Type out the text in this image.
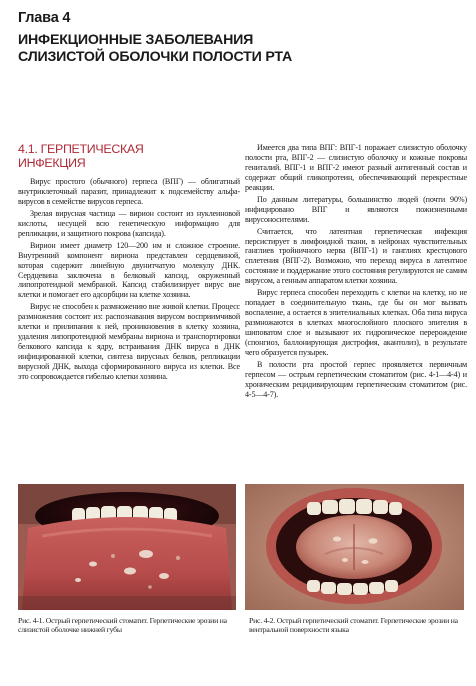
Глава 4
ИНФЕКЦИОННЫЕ ЗАБОЛЕВАНИЯ
СЛИЗИСТОЙ ОБОЛОЧКИ ПОЛОСТИ РТА
4.1. ГЕРПЕТИЧЕСКАЯ
ИНФЕКЦИЯ

Вирус простого (обычного) герпеса (ВПГ) — облигатный внутриклеточный паразит, принадлежит к подсемейству альфа-вирусов в семействе вирусов герпеса.

Зрелая вирусная частица — вирион состоит из нуклеиновой кислоты, несущей всю генетическую информацию для репликации, и защитного покрова (капсида).

Вирион имеет диаметр 120—200 нм и сложное строение. Внутренний компонент вириона представлен сердцевиной, которая содержит линейную двунитчатую молекулу ДНК. Сердцевина заключена в белковый капсид, окруженный липопротеидной мембраной. Капсид стабилизирует вирус вне клетки и помогает его адсорбции на клетке хозяина.

Вирус не способен к размножению вне живой клетки. Процесс размножения состоит из: распознавания вирусом восприимчивой клетки и прилипания к ней, проникновения в клетку хозяина, удаления липопротеидной мембраны вириона и транспортировки белкового капсида к ядру, встраивания ДНК вируса в ДНК инфицированной клетки, синтеза вирусных белков, репликации вирусной ДНК, выхода сформированного вируса из клетки. Все это сопровождается гибелью клетки хозяина.

Имеется два типа ВПГ: ВПГ-1 поражает слизистую оболочку полости рта, ВПГ-2 — слизистую оболочку и кожные покровы гениталий. ВПГ-1 и ВПГ-2 имеют разный антигенный состав и содержат общий гликопротеин, обеспечивающий перекрестные реакции.

По данным литературы, большинство людей (почти 90%) инфицировано ВПГ и являются пожизненными вирусоносителями.

Считается, что латентная герпетическая инфекция персистирует в лимфоидной ткани, в нейронах чувствительных ганглиев тройничного нерва (ВПГ-1) и ганглиях крестцового сплетения (ВПГ-2). Возможно, что переход вируса в латентное состояние и поддержание этого состояния регулируются не самим вирусом, а генным аппаратом клетки хозяина.

Вирус герпеса способен переходить с клетки на клетку, но не попадает в соединительную ткань, где бы он мог вызвать воспаление, а остается в эпителиальных клетках. Оба типа вируса размножаются в клетках многослойного плоского эпителия в шиповатом слое и вызывают их гидропическое перерождение (спонгиоз, баллонирующая дистрофия, акантолиз), в результате чего образуется пузырек.

В полости рта простой герпес проявляется первичным герпесом — острым герпетическим стоматитом (рис. 4-1—4-4) и хроническим рецидивирующим герпетическим стоматитом (рис. 4-5—4-7).

Рис. 4-1. Острый герпетический стоматит. Герпетические эрозии на слизистой оболочке нижней губы
Рис. 4-2. Острый герпетический стоматит. Герпетические эрозии на вентральной поверхности языка
